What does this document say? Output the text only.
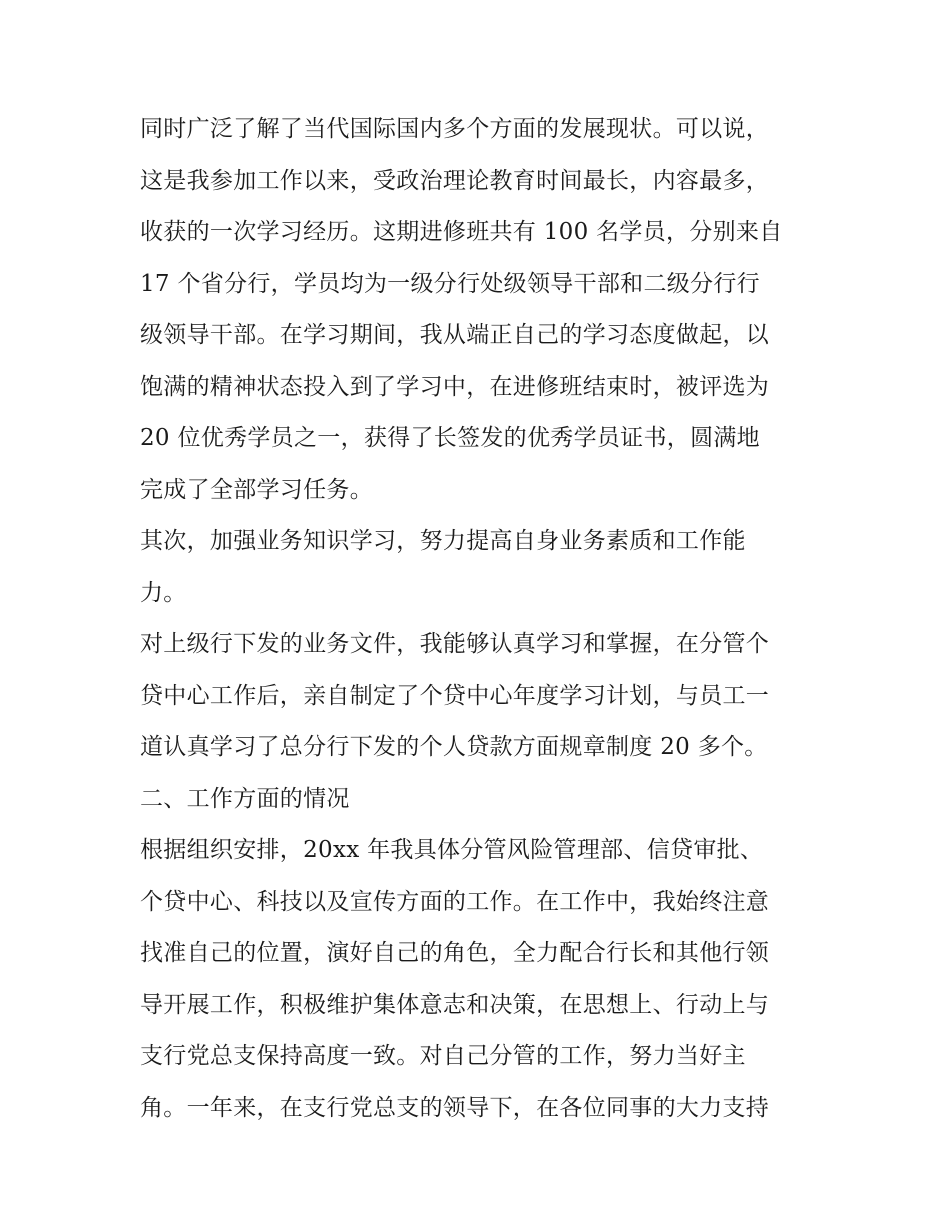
同时广泛了解了当代国际国内多个方面的发展现状。可以说，
这是我参加工作以来，受政治理论教育时间最长，内容最多，
收获的一次学习经历。这期进修班共有 100 名学员，分别来自
17 个省分行，学员均为一级分行处级领导干部和二级分行行
级领导干部。在学习期间，我从端正自己的学习态度做起，以
饱满的精神状态投入到了学习中，在进修班结束时，被评选为
20 位优秀学员之一，获得了长签发的优秀学员证书，圆满地
完成了全部学习任务。
其次，加强业务知识学习，努力提高自身业务素质和工作能
力。
对上级行下发的业务文件，我能够认真学习和掌握，在分管个
贷中心工作后，亲自制定了个贷中心年度学习计划，与员工一
道认真学习了总分行下发的个人贷款方面规章制度 20 多个。
二、工作方面的情况
根据组织安排，20xx 年我具体分管风险管理部、信贷审批、
个贷中心、科技以及宣传方面的工作。在工作中，我始终注意
找准自己的位置，演好自己的角色，全力配合行长和其他行领
导开展工作，积极维护集体意志和决策，在思想上、行动上与
支行党总支保持高度一致。对自己分管的工作，努力当好主
角。一年来，在支行党总支的领导下，在各位同事的大力支持
